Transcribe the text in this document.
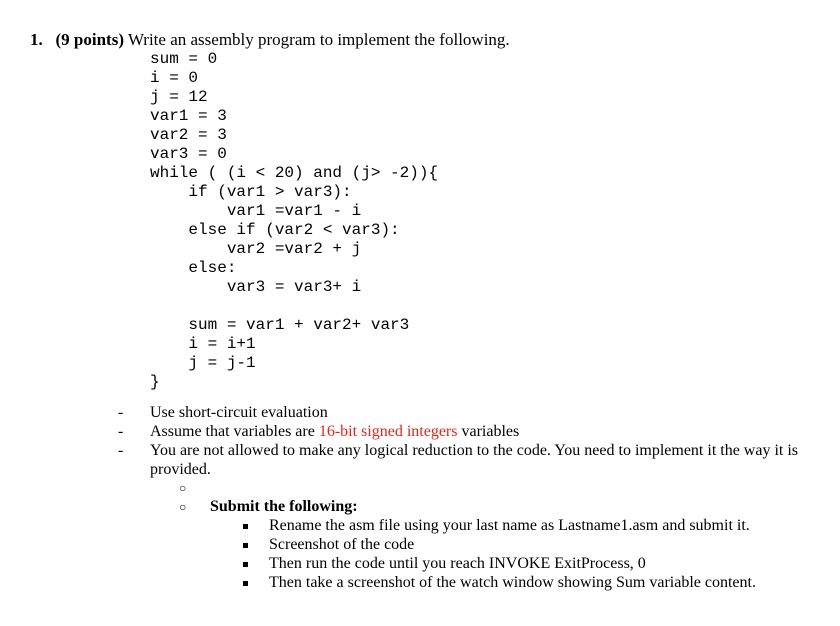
1. (9 points) Write an assembly program to implement the following.
sum = 0
i = 0
j = 12
var1 = 3
var2 = 3
var3 = 0
while ( (i < 20) and (j> -2)){
if (var1 > var3):
var1 =var1 - i
else if (var2 < var3):
var2 =var2 + j
else:
var3 = var3+ i
sum = var1 + var2+ var3
i = i+1
j = j-1
}
- Use short-circuit evaluation
- Assume that variables are 16-bit signed integers variables
- You are not allowed to make any logical reduction to the code. You need to implement it the way it is provided.
○
○ Submit the following:
Rename the asm file using your last name as Lastname1.asm and submit it.
Screenshot of the code
Then run the code until you reach INVOKE ExitProcess, 0
Then take a screenshot of the watch window showing Sum variable content.
